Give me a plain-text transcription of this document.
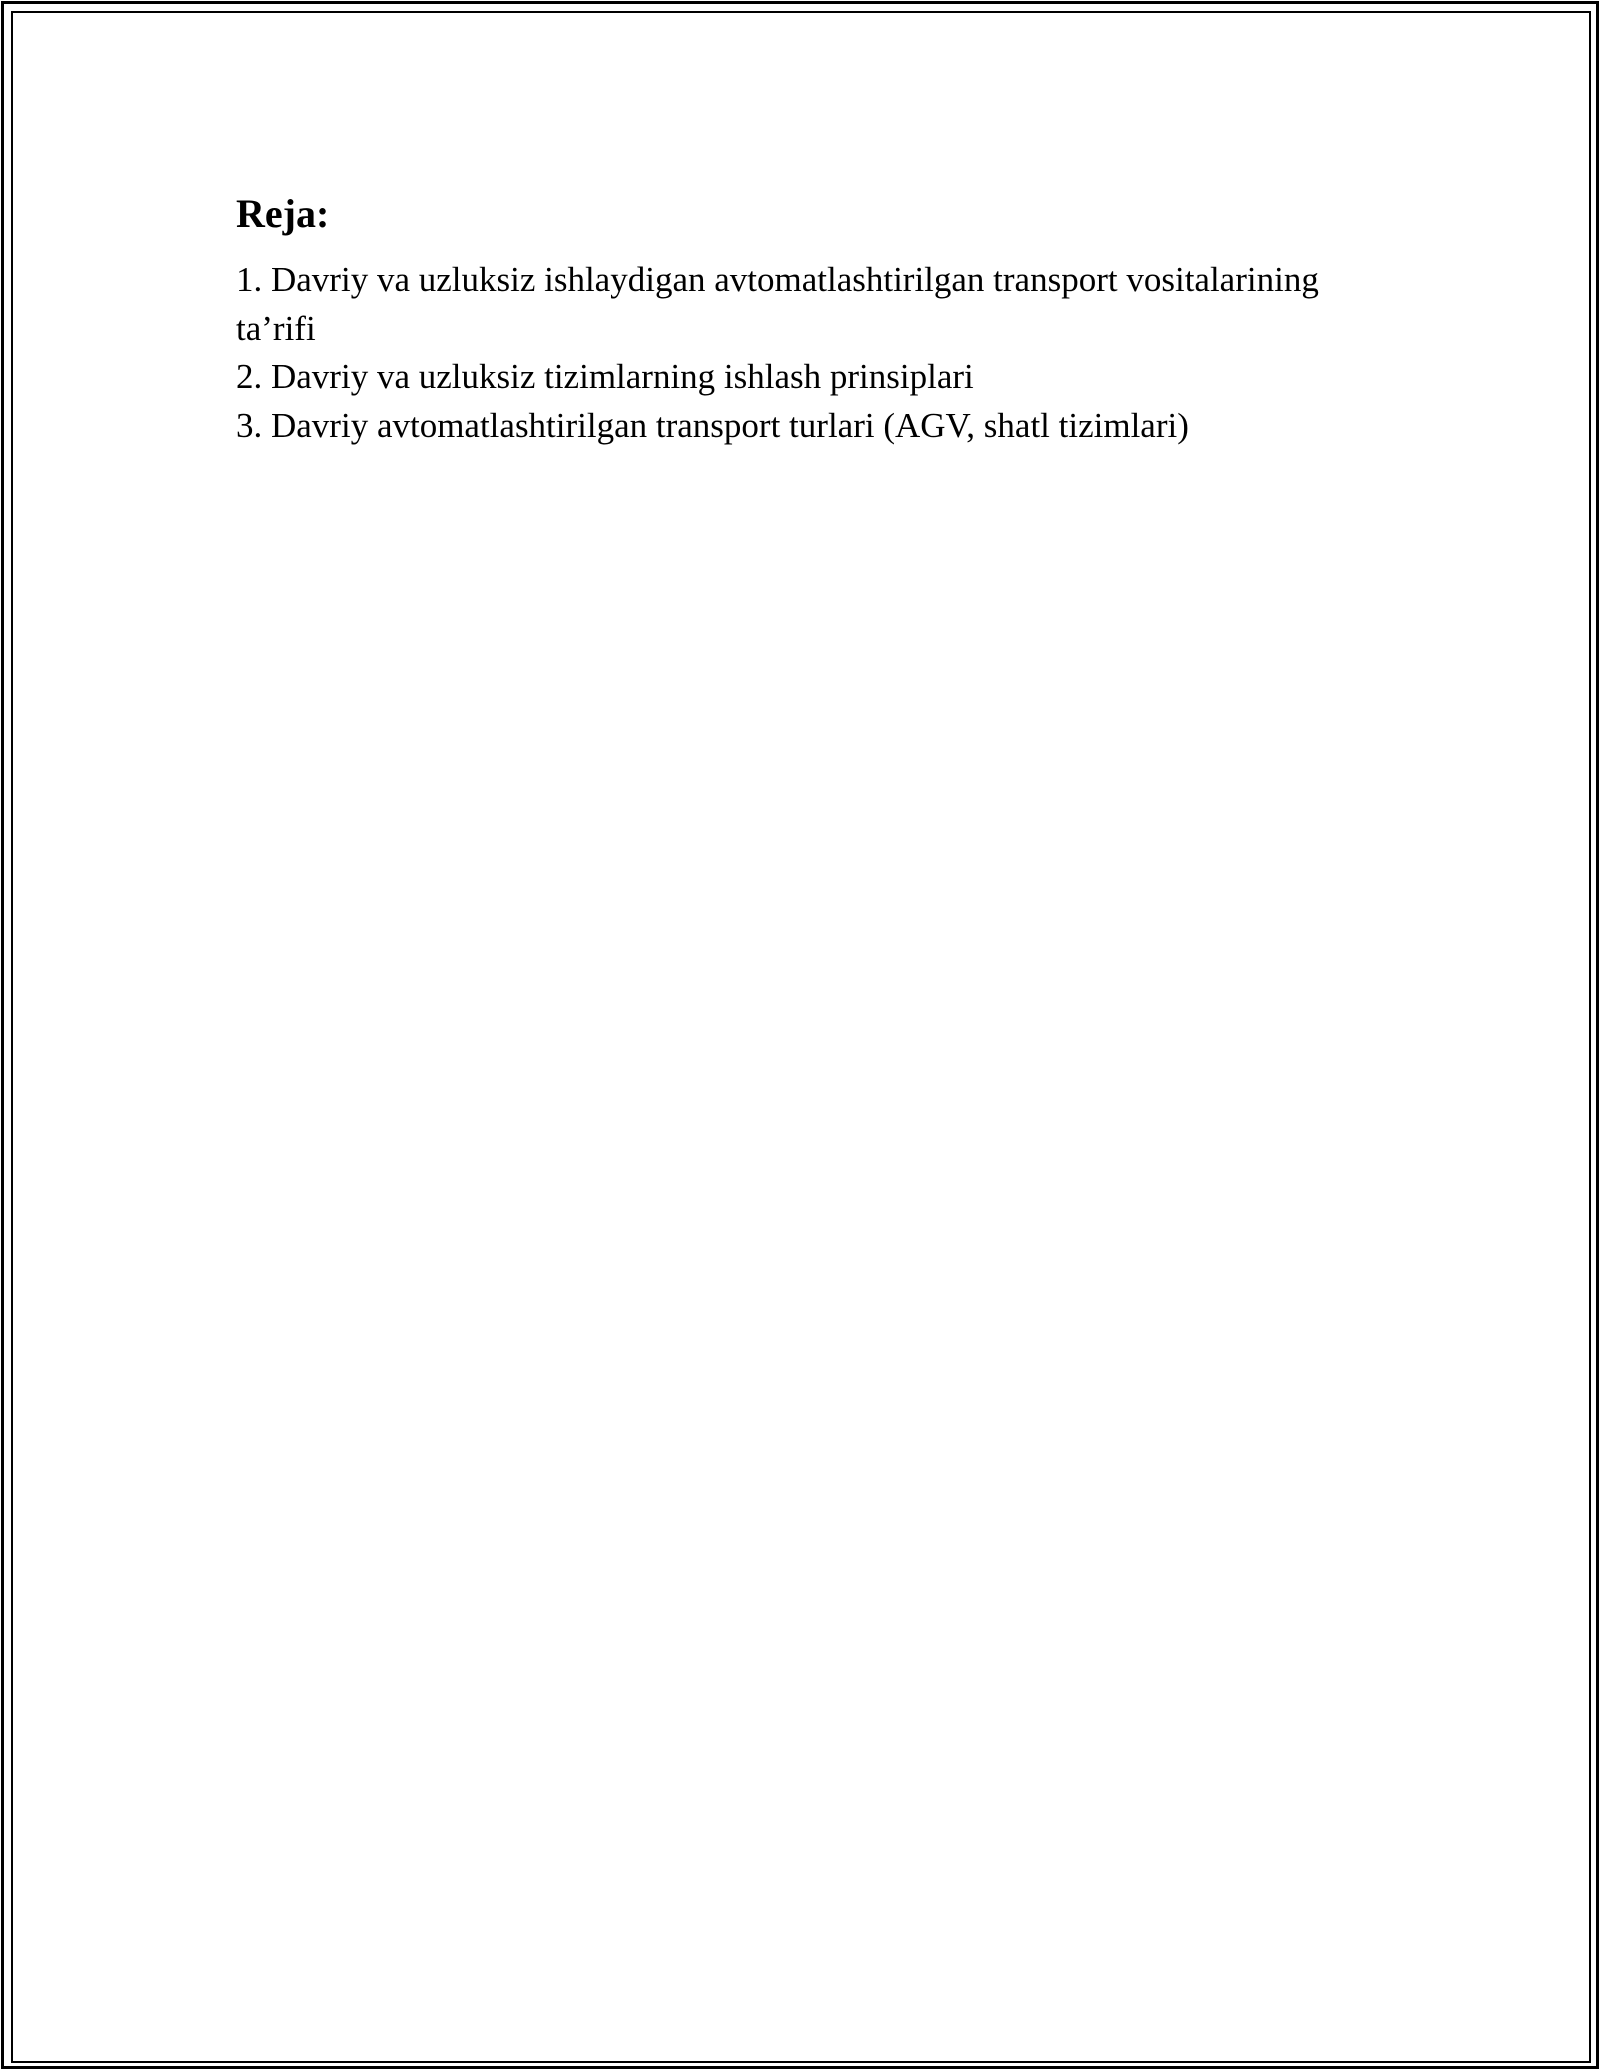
Reja:
1. Davriy va uzluksiz ishlaydigan avtomatlashtirilgan transport vositalarining ta’rifi
2. Davriy va uzluksiz tizimlarning ishlash prinsiplari
3. Davriy avtomatlashtirilgan transport turlari (AGV, shatl tizimlari)
